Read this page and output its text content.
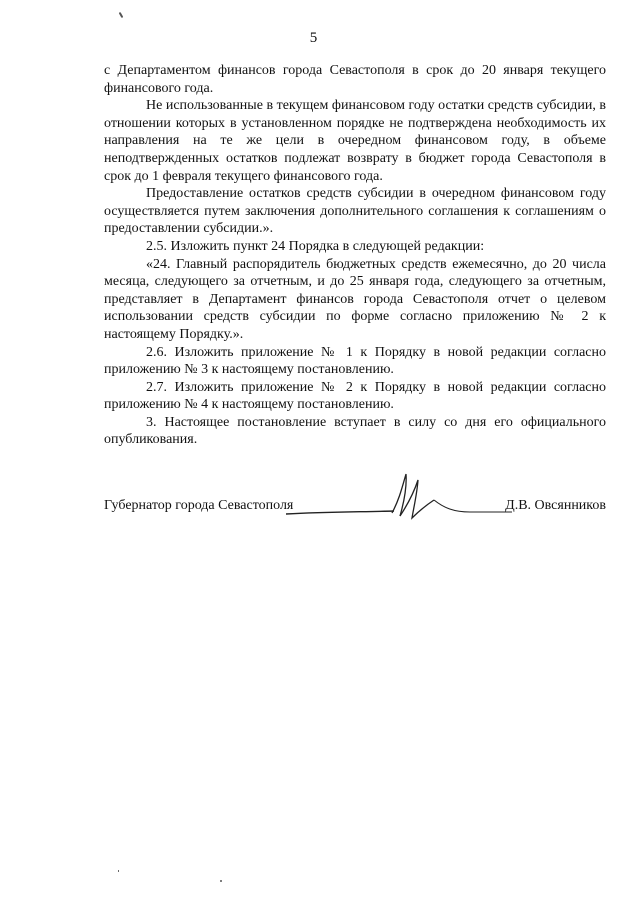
5

с Департаментом финансов города Севастополя в срок до 20 января текущего финансового года.

Не использованные в текущем финансовом году остатки средств субсидии, в отношении которых в установленном порядке не подтверждена необходимость их направления на те же цели в очередном финансовом году, в объеме неподтвержденных остатков подлежат возврату в бюджет города Севастополя в срок до 1 февраля текущего финансового года.

Предоставление остатков средств субсидии в очередном финансовом году осуществляется путем заключения дополнительного соглашения к соглашениям о предоставлении субсидии.».

2.5. Изложить пункт 24 Порядка в следующей редакции:

«24. Главный распорядитель бюджетных средств ежемесячно, до 20 числа месяца, следующего за отчетным, и до 25 января года, следующего за отчетным, представляет в Департамент финансов города Севастополя отчет о целевом использовании средств субсидии по форме согласно приложению № 2 к настоящему Порядку.».

2.6. Изложить приложение № 1 к Порядку в новой редакции согласно приложению № 3 к настоящему постановлению.

2.7. Изложить приложение № 2 к Порядку в новой редакции согласно приложению № 4 к настоящему постановлению.

3. Настоящее постановление вступает в силу со дня его официального опубликования.

Губернатор города Севастополя	Д.В. Овсянников
